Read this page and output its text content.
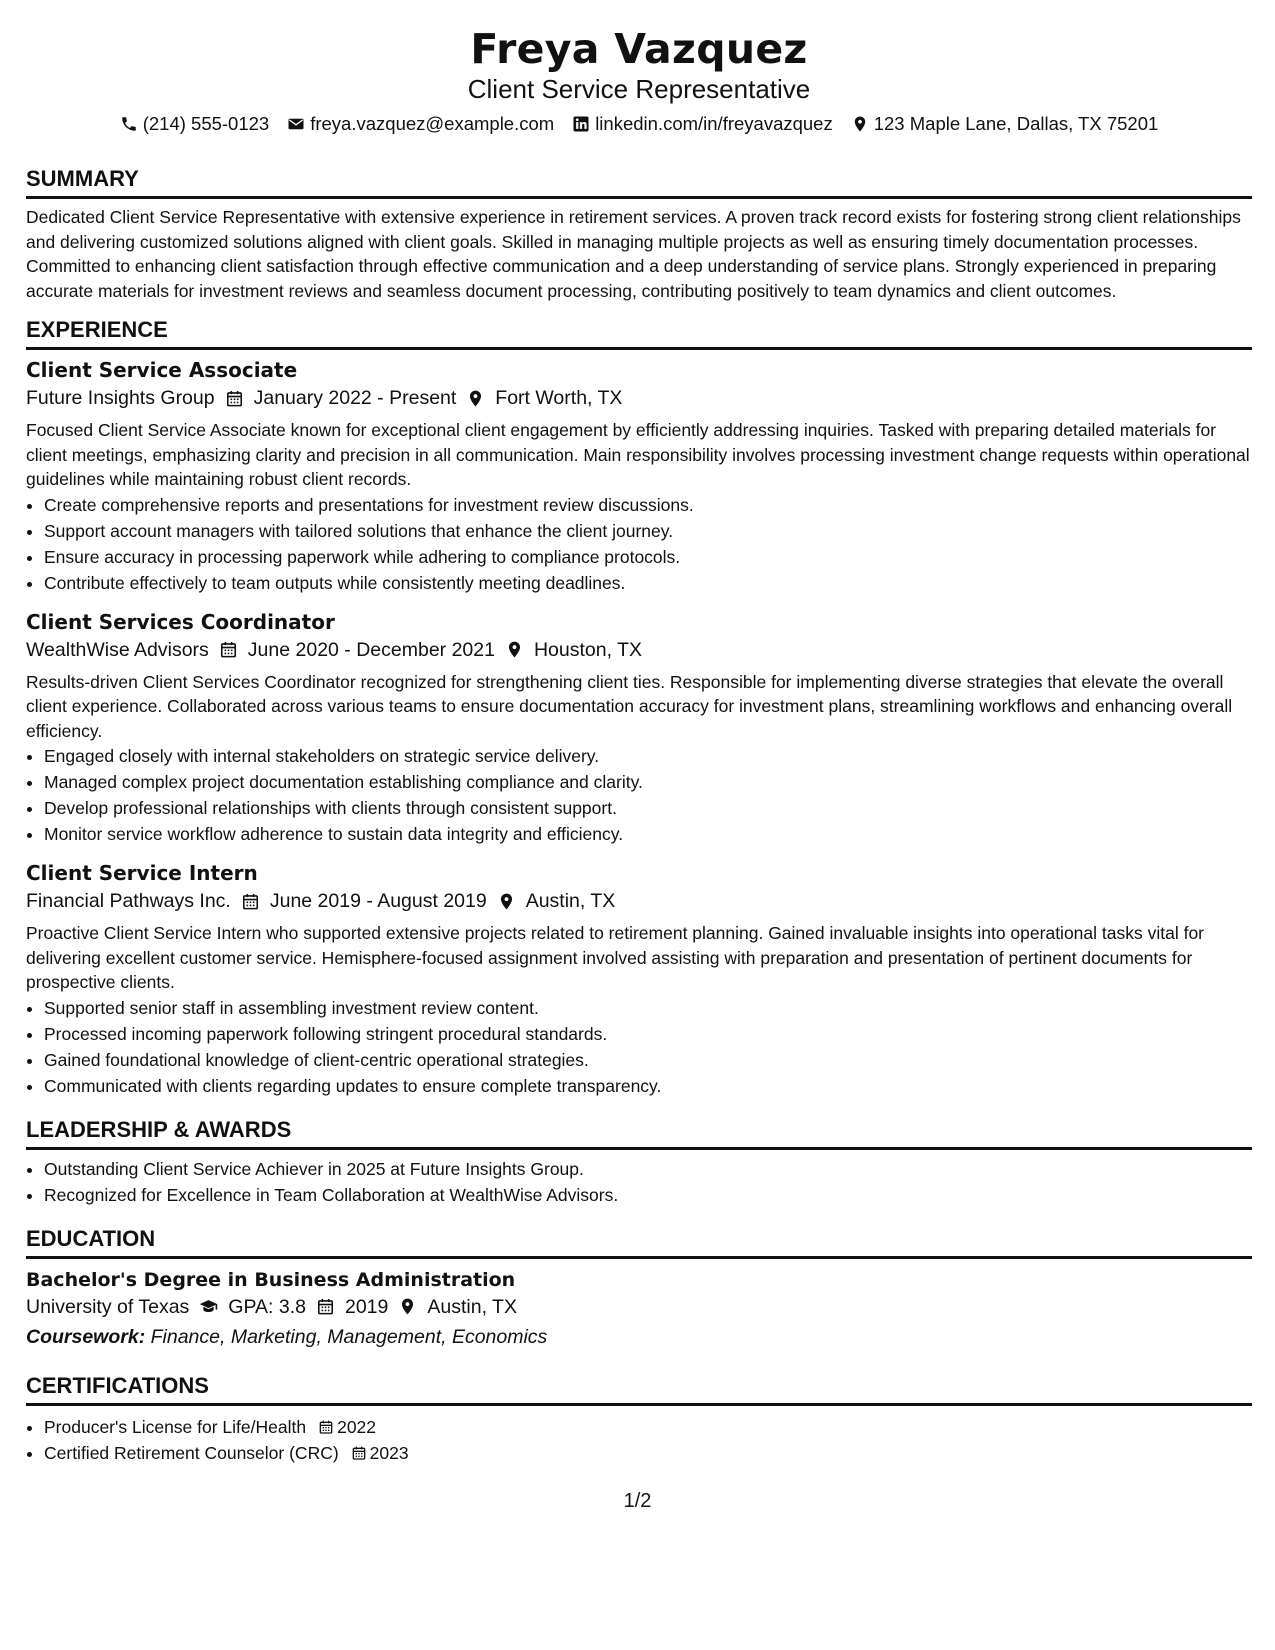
Freya Vazquez
Client Service Representative
(214) 555-0123 freya.vazquez@example.com linkedin.com/in/freyavazquez 123 Maple Lane, Dallas, TX 75201
SUMMARY
Dedicated Client Service Representative with extensive experience in retirement services. A proven track record exists for fostering strong client relationships and delivering customized solutions aligned with client goals. Skilled in managing multiple projects as well as ensuring timely documentation processes. Committed to enhancing client satisfaction through effective communication and a deep understanding of service plans. Strongly experienced in preparing accurate materials for investment reviews and seamless document processing, contributing positively to team dynamics and client outcomes.
EXPERIENCE
Client Service Associate
Future Insights Group January 2022 - Present Fort Worth, TX
Focused Client Service Associate known for exceptional client engagement by efficiently addressing inquiries. Tasked with preparing detailed materials for client meetings, emphasizing clarity and precision in all communication. Main responsibility involves processing investment change requests within operational guidelines while maintaining robust client records.
• Create comprehensive reports and presentations for investment review discussions.
• Support account managers with tailored solutions that enhance the client journey.
• Ensure accuracy in processing paperwork while adhering to compliance protocols.
• Contribute effectively to team outputs while consistently meeting deadlines.
Client Services Coordinator
WealthWise Advisors June 2020 - December 2021 Houston, TX
Results-driven Client Services Coordinator recognized for strengthening client ties. Responsible for implementing diverse strategies that elevate the overall client experience. Collaborated across various teams to ensure documentation accuracy for investment plans, streamlining workflows and enhancing overall efficiency.
• Engaged closely with internal stakeholders on strategic service delivery.
• Managed complex project documentation establishing compliance and clarity.
• Develop professional relationships with clients through consistent support.
• Monitor service workflow adherence to sustain data integrity and efficiency.
Client Service Intern
Financial Pathways Inc. June 2019 - August 2019 Austin, TX
Proactive Client Service Intern who supported extensive projects related to retirement planning. Gained invaluable insights into operational tasks vital for delivering excellent customer service. Hemisphere-focused assignment involved assisting with preparation and presentation of pertinent documents for prospective clients.
• Supported senior staff in assembling investment review content.
• Processed incoming paperwork following stringent procedural standards.
• Gained foundational knowledge of client-centric operational strategies.
• Communicated with clients regarding updates to ensure complete transparency.
LEADERSHIP & AWARDS
• Outstanding Client Service Achiever in 2025 at Future Insights Group.
• Recognized for Excellence in Team Collaboration at WealthWise Advisors.
EDUCATION
Bachelor's Degree in Business Administration
University of Texas GPA: 3.8 2019 Austin, TX
Coursework: Finance, Marketing, Management, Economics
CERTIFICATIONS
• Producer's License for Life/Health 2022
• Certified Retirement Counselor (CRC) 2023
1/2
